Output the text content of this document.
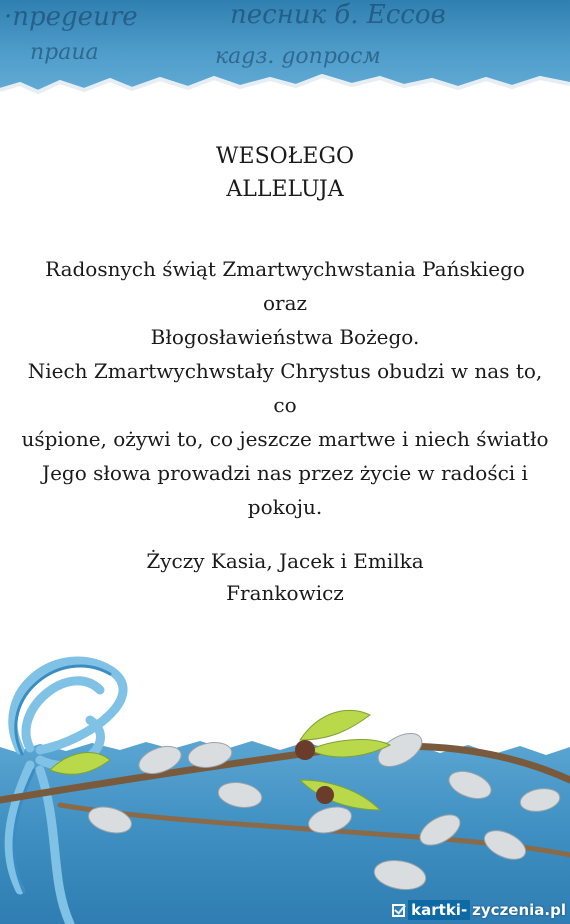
·npegeиre	песник б. Ессов
пpaua	кagз. gопросм
WESOŁEGO
ALLELUJA
Radosnych świąt Zmartwychwstania Pańskiego oraz
Błogosławieństwa Bożego.
Niech Zmartwychwstały Chrystus obudzi w nas to, co
uśpione, ożywi to, co jeszcze martwe i niech światło
Jego słowa prowadzi nas przez życie w radości i
pokoju.
Życzy Kasia, Jacek i Emilka
Frankowicz
kartki- zyczenia.pl
